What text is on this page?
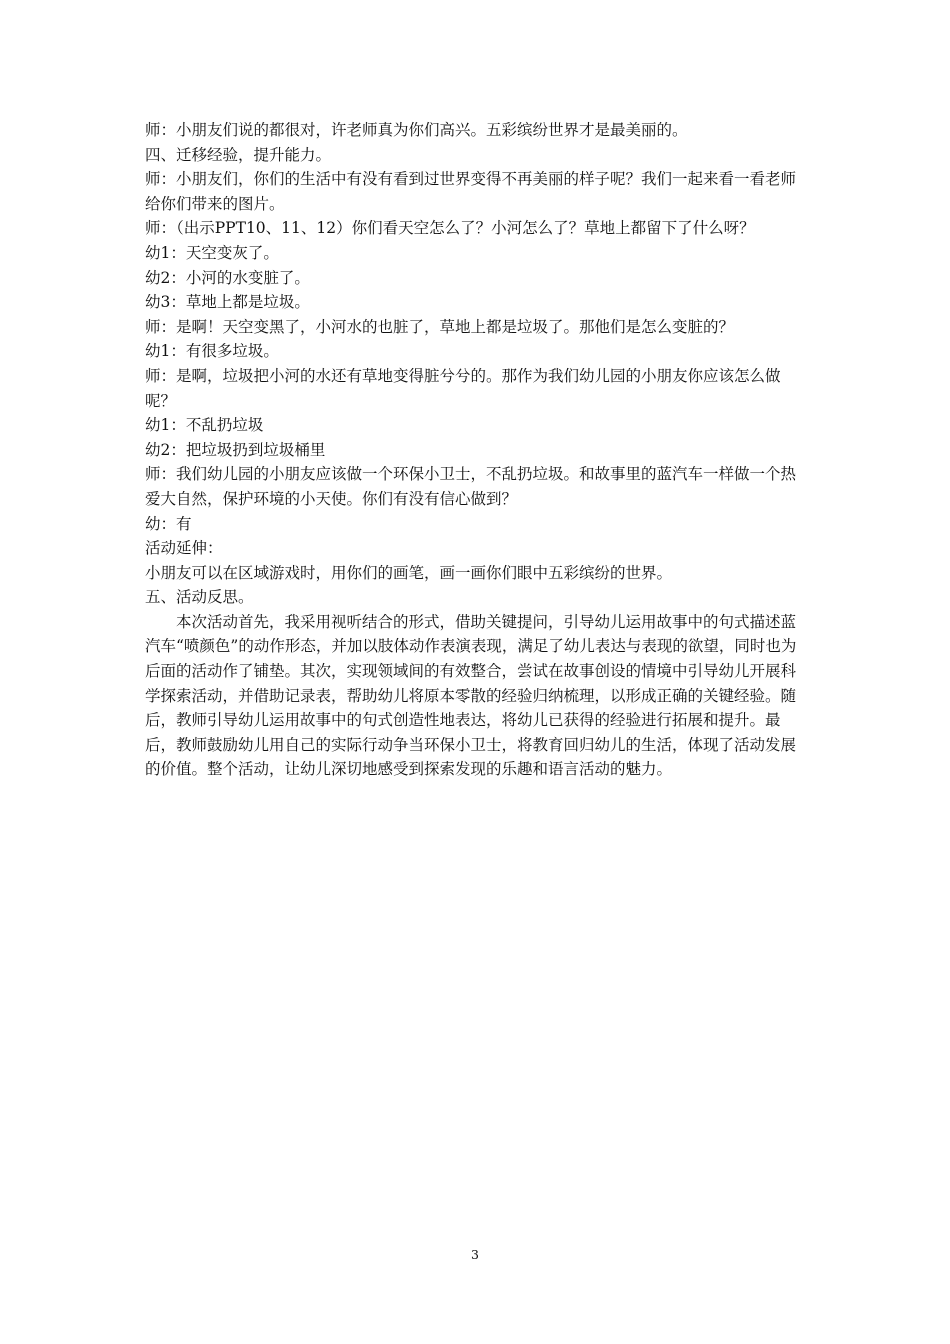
师：小朋友们说的都很对，许老师真为你们高兴。五彩缤纷世界才是最美丽的。

四、迁移经验，提升能力。

师：小朋友们，你们的生活中有没有看到过世界变得不再美丽的样子呢？我们一起来看一看老师给你们带来的图片。

师：（出示PPT10、11、12）你们看天空怎么了？小河怎么了？草地上都留下了什么呀？

幼1：天空变灰了。

幼2：小河的水变脏了。

幼3：草地上都是垃圾。

师：是啊！天空变黑了，小河水的也脏了，草地上都是垃圾了。那他们是怎么变脏的？

幼1：有很多垃圾。

师：是啊，垃圾把小河的水还有草地变得脏兮兮的。那作为我们幼儿园的小朋友你应该怎么做呢？

幼1：不乱扔垃圾

幼2：把垃圾扔到垃圾桶里

师：我们幼儿园的小朋友应该做一个环保小卫士，不乱扔垃圾。和故事里的蓝汽车一样做一个热爱大自然，保护环境的小天使。你们有没有信心做到？

幼：有

活动延伸：

小朋友可以在区域游戏时，用你们的画笔，画一画你们眼中五彩缤纷的世界。

五、活动反思。

本次活动首先，我采用视听结合的形式，借助关键提问，引导幼儿运用故事中的句式描述蓝汽车“喷颜色”的动作形态，并加以肢体动作表演表现，满足了幼儿表达与表现的欲望，同时也为后面的活动作了铺垫。其次，实现领域间的有效整合，尝试在故事创设的情境中引导幼儿开展科学探索活动，并借助记录表，帮助幼儿将原本零散的经验归纳梳理，以形成正确的关键经验。随后，教师引导幼儿运用故事中的句式创造性地表达，将幼儿已获得的经验进行拓展和提升。最后，教师鼓励幼儿用自己的实际行动争当环保小卫士，将教育回归幼儿的生活，体现了活动发展的价值。整个活动，让幼儿深切地感受到探索发现的乐趣和语言活动的魅力。

3
